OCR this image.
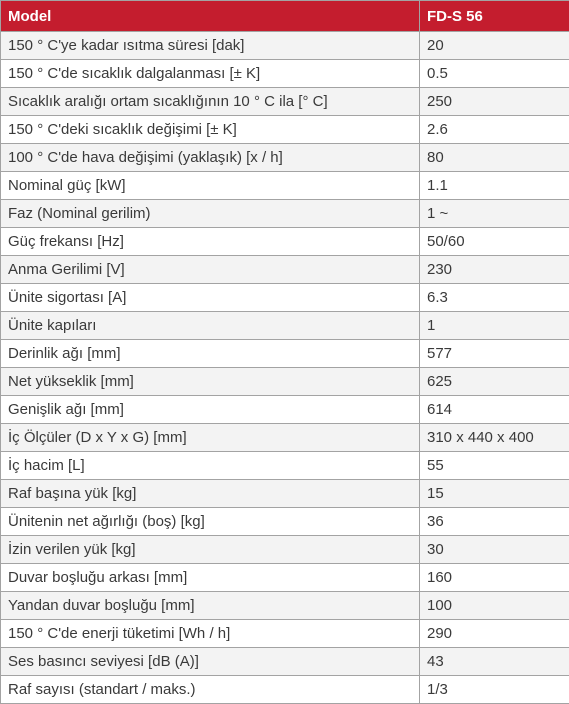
Model	FD-S 56
150 ° C'ye kadar ısıtma süresi [dak]	20
150 ° C'de sıcaklık dalgalanması [± K]	0.5
Sıcaklık aralığı ortam sıcaklığının 10 ° C ila [° C]	250
150 ° C'deki sıcaklık değişimi [± K]	2.6
100 ° C'de hava değişimi (yaklaşık) [x / h]	80
Nominal güç [kW]	1.1
Faz (Nominal gerilim)	1 ~
Güç frekansı [Hz]	50/60
Anma Gerilimi [V]	230
Ünite sigortası [A]	6.3
Ünite kapıları	1
Derinlik ağı [mm]	577
Net yükseklik [mm]	625
Genişlik ağı [mm]	614
İç Ölçüler (D x Y x G) [mm]	310 x 440 x 400
İç hacim [L]	55
Raf başına yük [kg]	15
Ünitenin net ağırlığı (boş) [kg]	36
İzin verilen yük [kg]	30
Duvar boşluğu arkası [mm]	160
Yandan duvar boşluğu [mm]	100
150 ° C'de enerji tüketimi [Wh / h]	290
Ses basıncı seviyesi [dB (A)]	43
Raf sayısı (standart / maks.)	1/3
